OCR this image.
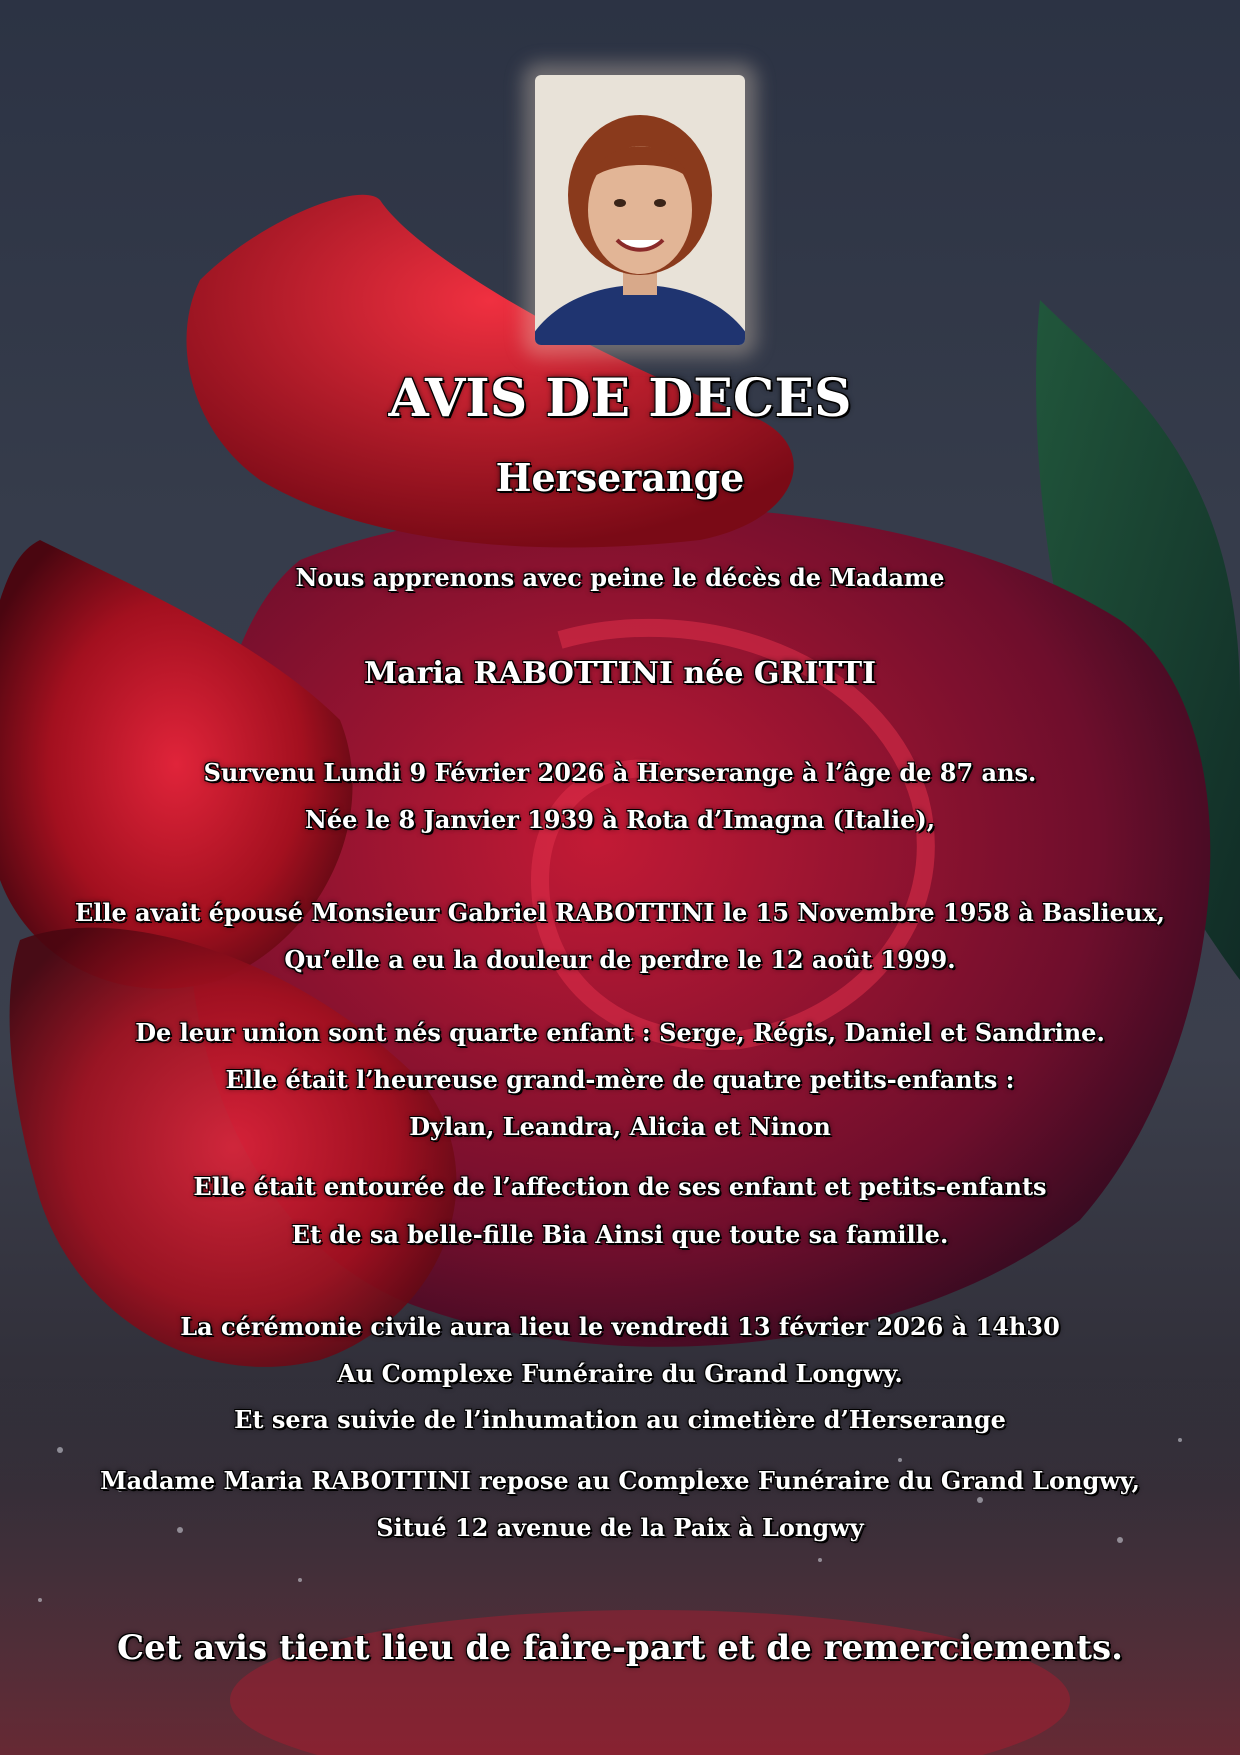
AVIS DE DECES
Herserange
Nous apprenons avec peine le décès de Madame
Maria RABOTTINI née GRITTI
Survenu Lundi 9 Février 2026 à Herserange à l’âge de 87 ans.
Née le 8 Janvier 1939 à Rota d’Imagna (Italie),
Elle avait épousé Monsieur Gabriel RABOTTINI le 15 Novembre 1958 à Baslieux,
Qu’elle a eu la douleur de perdre le 12 août 1999.
De leur union sont nés quarte enfant : Serge, Régis, Daniel et Sandrine.
Elle était l’heureuse grand-mère de quatre petits-enfants :
Dylan, Leandra, Alicia et Ninon
Elle était entourée de l’affection de ses enfant et petits-enfants
Et de sa belle-fille Bia Ainsi que toute sa famille.
La cérémonie civile aura lieu le vendredi 13 février 2026 à 14h30
Au Complexe Funéraire du Grand Longwy.
Et sera suivie de l’inhumation au cimetière d’Herserange
Madame Maria RABOTTINI repose au Complexe Funéraire du Grand Longwy,
Situé 12 avenue de la Paix à Longwy
Cet avis tient lieu de faire-part et de remerciements.
